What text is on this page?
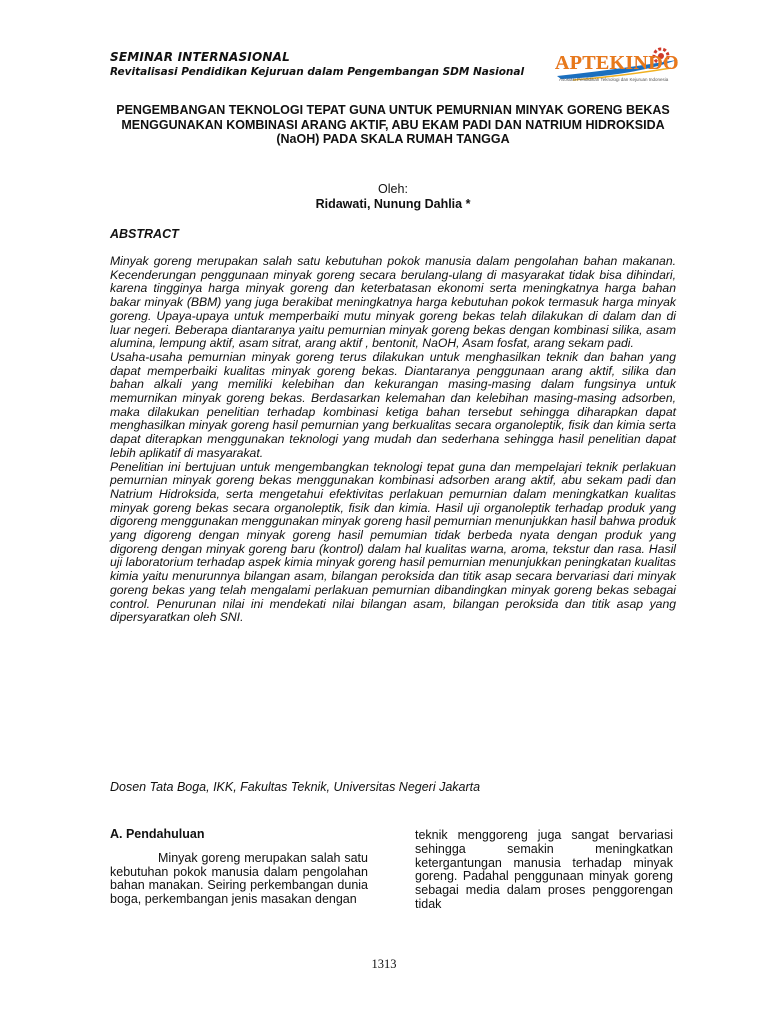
SEMINAR INTERNASIONAL
Revitalisasi Pendidikan Kejuruan dalam Pengembangan SDM Nasional APTEKINDO
Asosiasi Pendidikan Teknologi dan Kejuruan Indonesia
PENGEMBANGAN TEKNOLOGI TEPAT GUNA UNTUK PEMURNIAN MINYAK GORENG BEKAS MENGGUNAKAN KOMBINASI ARANG AKTIF, ABU EKAM PADI DAN NATRIUM HIDROKSIDA (NaOH) PADA SKALA RUMAH TANGGA
Oleh:
Ridawati, Nunung Dahlia *
ABSTRACT

Minyak goreng merupakan salah satu kebutuhan pokok manusia dalam pengolahan bahan makanan. Kecenderungan penggunaan minyak goreng secara berulang-ulang di masyarakat tidak bisa dihindari, karena tingginya harga minyak goreng dan keterbatasan ekonomi serta meningkatnya harga bahan bakar minyak (BBM) yang juga berakibat meningkatnya harga kebutuhan pokok termasuk harga minyak goreng. Upaya-upaya untuk memperbaiki mutu minyak goreng bekas telah dilakukan di dalam dan di luar negeri. Beberapa diantaranya yaitu pemurnian minyak goreng bekas dengan kombinasi silika, asam alumina, lempung aktif, asam sitrat, arang aktif , bentonit, NaOH, Asam fosfat, arang sekam padi.

Usaha-usaha pemurnian minyak goreng terus dilakukan untuk menghasilkan teknik dan bahan yang dapat memperbaiki kualitas minyak goreng bekas. Diantaranya penggunaan arang aktif, silika dan bahan alkali yang memiliki kelebihan dan kekurangan masing-masing dalam fungsinya untuk memurnikan minyak goreng bekas. Berdasarkan kelemahan dan kelebihan masing-masing adsorben, maka dilakukan penelitian terhadap kombinasi ketiga bahan tersebut sehingga diharapkan dapat menghasilkan minyak goreng hasil pemurnian yang berkualitas secara organoleptik, fisik dan kimia serta dapat diterapkan menggunakan teknologi yang mudah dan sederhana sehingga hasil penelitian dapat lebih aplikatif di masyarakat.

Penelitian ini bertujuan untuk mengembangkan teknologi tepat guna dan mempelajari teknik perlakuan pemurnian minyak goreng bekas menggunakan kombinasi adsorben arang aktif, abu sekam padi dan Natrium Hidroksida, serta mengetahui efektivitas perlakuan pemurnian dalam meningkatkan kualitas minyak goreng bekas secara organoleptik, fisik dan kimia. Hasil uji organoleptik terhadap produk yang digoreng menggunakan menggunakan minyak goreng hasil pemurnian menunjukkan hasil bahwa produk yang digoreng dengan minyak goreng hasil pemumian tidak berbeda nyata dengan produk yang digoreng dengan minyak goreng baru (kontrol) dalam hal kualitas warna, aroma, tekstur dan rasa. Hasil uji laboratorium terhadap aspek kimia minyak goreng hasil pemurnian menunjukkan peningkatan kualitas kimia yaitu menurunnya bilangan asam, bilangan peroksida dan titik asap secara bervariasi dari minyak goreng bekas yang telah mengalami perlakuan pemurnian dibandingkan minyak goreng bekas sebagai control. Penurunan nilai ini mendekati nilai bilangan asam, bilangan peroksida dan titik asap yang dipersyaratkan oleh SNI.

Dosen Tata Boga, IKK, Fakultas Teknik, Universitas Negeri Jakarta
A. Pendahuluan
Minyak goreng merupakan salah satu kebutuhan pokok manusia dalam pengolahan bahan manakan. Seiring perkembangan dunia boga, perkembangan jenis masakan dengan
teknik menggoreng juga sangat bervariasi sehingga semakin meningkatkan ketergantungan manusia terhadap minyak goreng. Padahal penggunaan minyak goreng sebagai media dalam proses penggorengan tidak
1313
